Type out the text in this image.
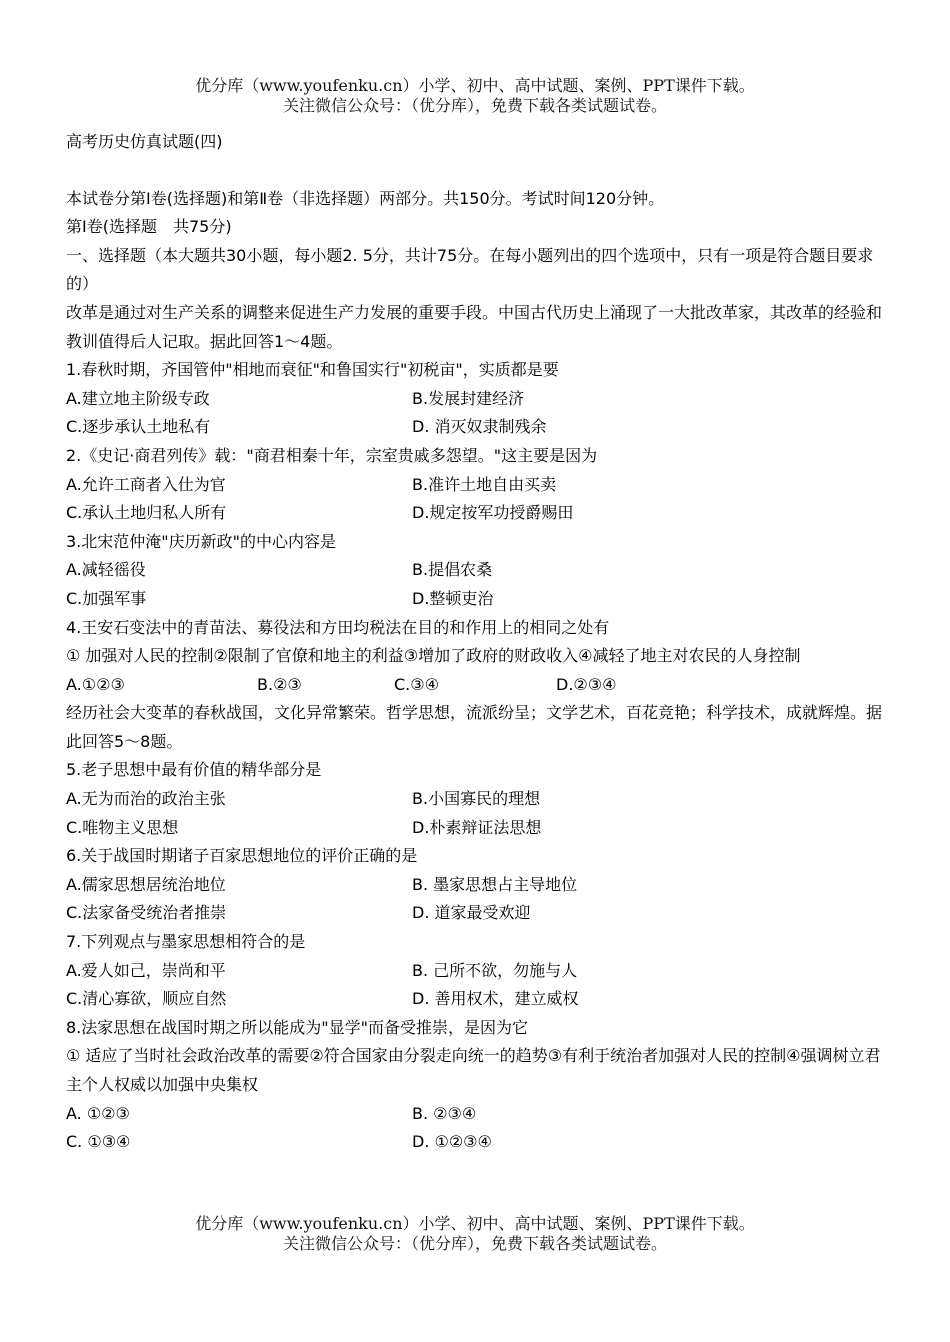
优分库（www.youfenku.cn）小学、初中、高中试题、案例、PPT课件下载。
关注微信公众号：（优分库），免费下载各类试题试卷。
高考历史仿真试题(四)
本试卷分第Ⅰ卷(选择题)和第Ⅱ卷（非选择题）两部分。共150分。考试时间120分钟。
第Ⅰ卷(选择题　共75分)
一、选择题（本大题共30小题，每小题2. 5分，共计75分。在每小题列出的四个选项中，只有一项是符合题目要求的）
改革是通过对生产关系的调整来促进生产力发展的重要手段。中国古代历史上涌现了一大批改革家，其改革的经验和教训值得后人记取。据此回答1～4题。
1.春秋时期，齐国管仲"相地而衰征"和鲁国实行"初税亩"，实质都是要
A.建立地主阶级专政	B.发展封建经济
C.逐步承认土地私有	D. 消灭奴隶制残余
2.《史记·商君列传》载："商君相秦十年，宗室贵戚多怨望。"这主要是因为
A.允许工商者入仕为官	B.准许土地自由买卖
C.承认土地归私人所有	D.规定按军功授爵赐田
3.北宋范仲淹"庆历新政"的中心内容是
A.减轻徭役	B.提倡农桑
C.加强军事	D.整顿吏治
4.王安石变法中的青苗法、募役法和方田均税法在目的和作用上的相同之处有
① 加强对人民的控制②限制了官僚和地主的利益③增加了政府的财政收入④减轻了地主对农民的人身控制
A.①②③	B.②③	C.③④	D.②③④
经历社会大变革的春秋战国，文化异常繁荣。哲学思想，流派纷呈；文学艺术，百花竞艳；科学技术，成就辉煌。据此回答5～8题。
5.老子思想中最有价值的精华部分是
A.无为而治的政治主张	B.小国寡民的理想
C.唯物主义思想	D.朴素辩证法思想
6.关于战国时期诸子百家思想地位的评价正确的是
A.儒家思想居统治地位	B. 墨家思想占主导地位
C.法家备受统治者推崇	D. 道家最受欢迎
7.下列观点与墨家思想相符合的是
A.爱人如己，崇尚和平	B. 己所不欲，勿施与人
C.清心寡欲，顺应自然	D. 善用权术，建立威权
8.法家思想在战国时期之所以能成为"显学"而备受推崇，是因为它
① 适应了当时社会政治改革的需要②符合国家由分裂走向统一的趋势③有利于统治者加强对人民的控制④强调树立君主个人权威以加强中央集权
A. ①②③	B. ②③④
C. ①③④	D. ①②③④
优分库（www.youfenku.cn）小学、初中、高中试题、案例、PPT课件下载。
关注微信公众号：（优分库），免费下载各类试题试卷。
